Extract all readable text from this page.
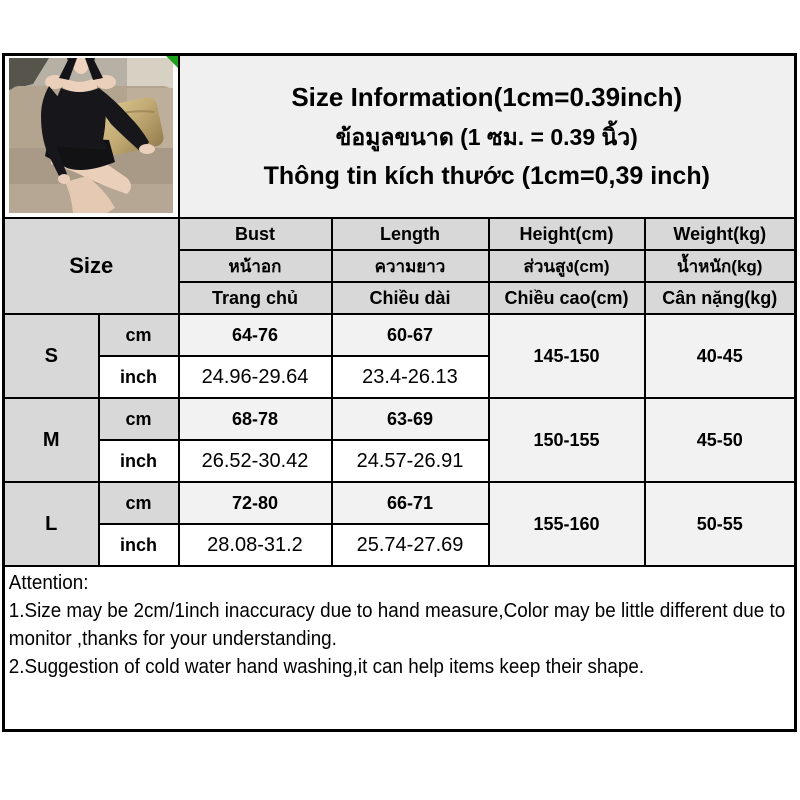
Size Information(1cm=0.39inch)
ข้อมูลขนาด (1 ซม. = 0.39 นิ้ว)
Thông tin kích thước (1cm=0,39 inch)			

Size		Bust	Length	Height(cm)	Weight(kg)
		หน้าอก	ความยาว	ส่วนสูง(cm)	น้ำหนัก(kg)
		Trang chủ	Chiều dài	Chiều cao(cm)	Cân nặng(kg)
S	cm	64-76	60-67	145-150	40-45
	inch	24.96-29.64	23.4-26.13		
M	cm	68-78	63-69	150-155	45-50
	inch	26.52-30.42	24.57-26.91		
L	cm	72-80	66-71	155-160	50-55
	inch	28.08-31.2	25.74-27.69		

Attention:

1.Size may be 2cm/1inch inaccuracy due to hand measure,Color may be little different due to monitor ,thanks for your understanding.

2.Suggestion of cold water hand washing,it can help items keep their shape.					
